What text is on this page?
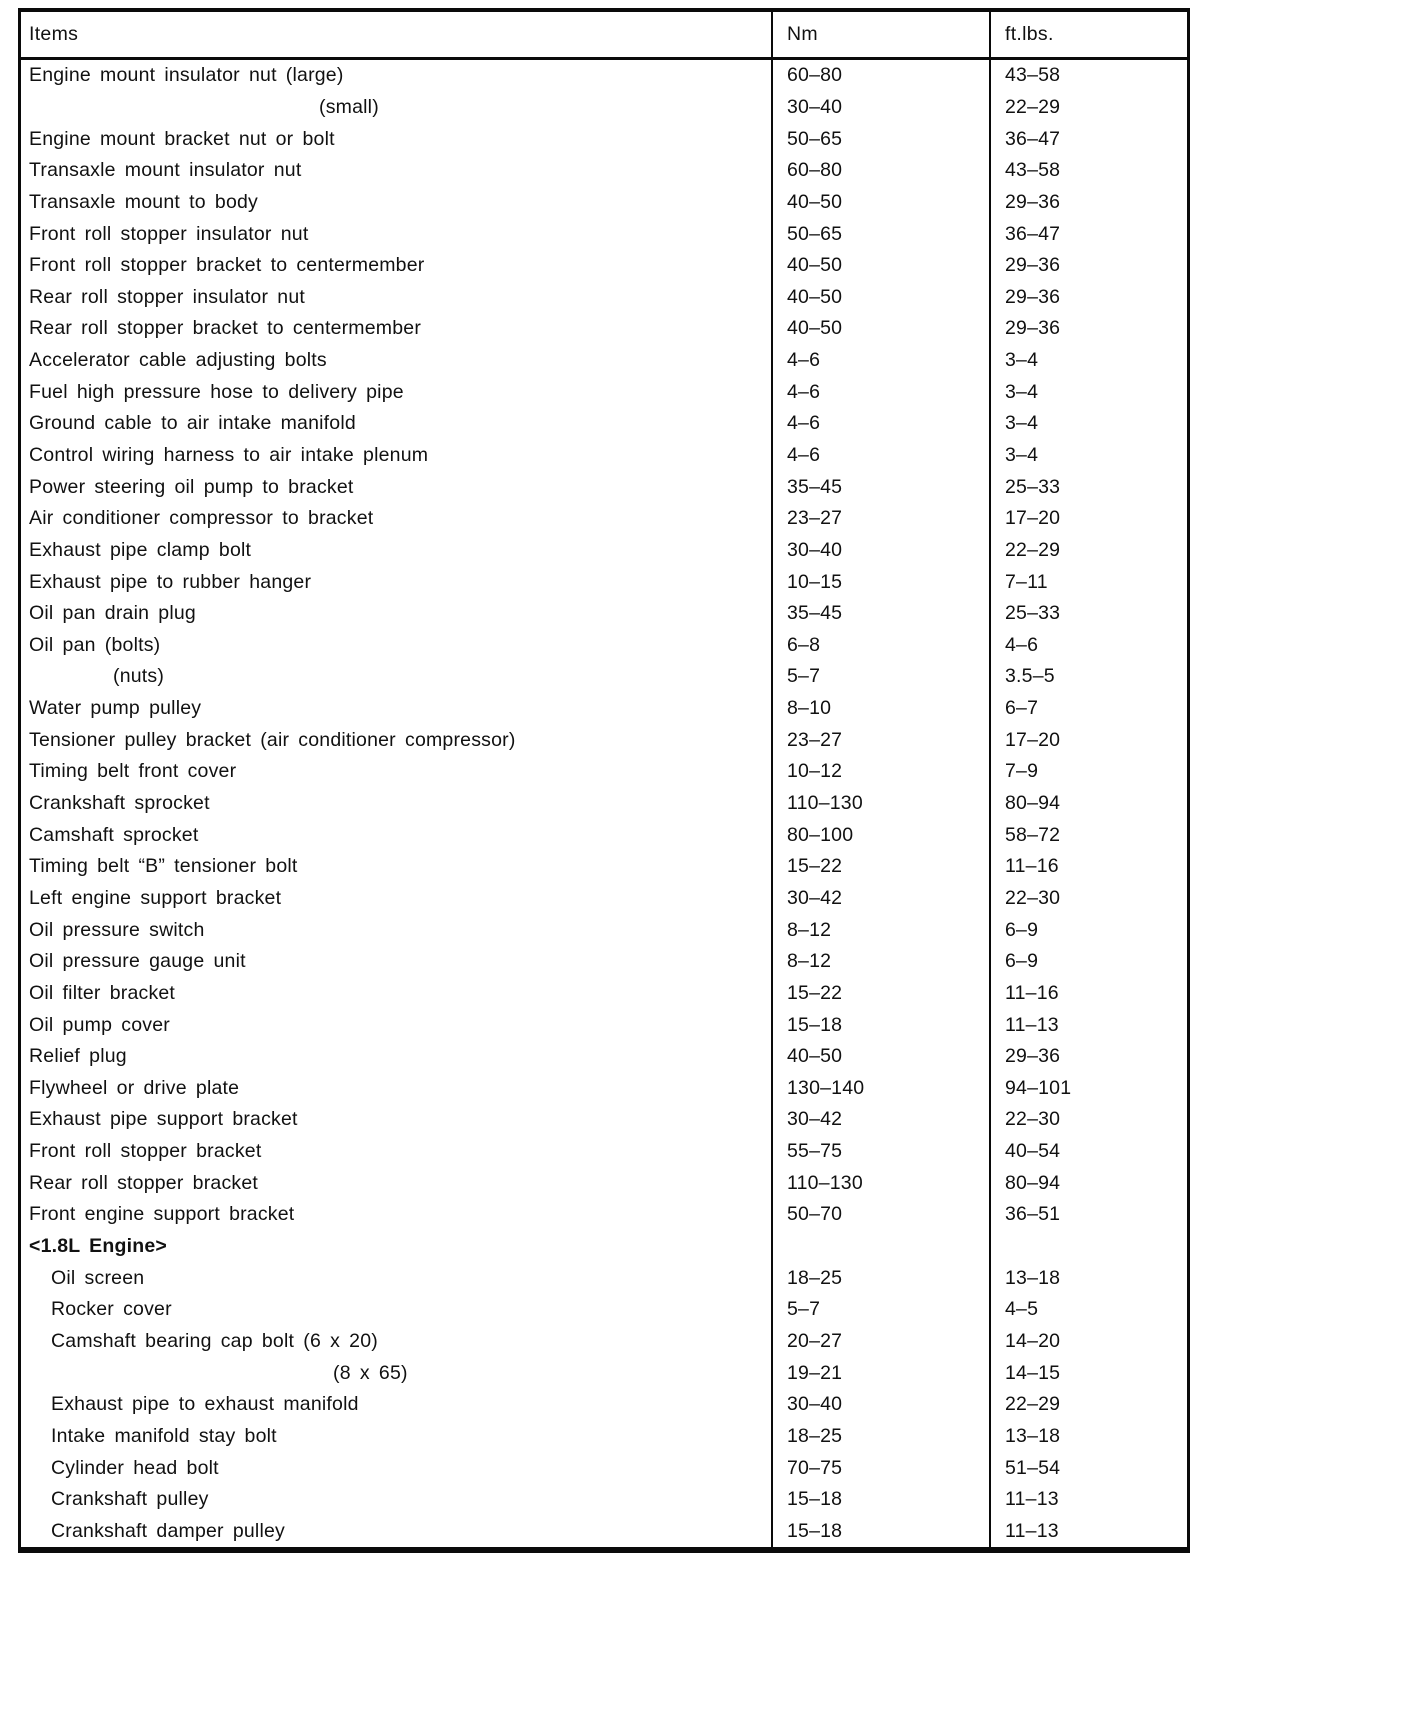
Items	Nm	ft.lbs.
Engine mount insulator nut (large)	60–80	43–58
(small)	30–40	22–29
Engine mount bracket nut or bolt	50–65	36–47
Transaxle mount insulator nut	60–80	43–58
Transaxle mount to body	40–50	29–36
Front roll stopper insulator nut	50–65	36–47
Front roll stopper bracket to centermember	40–50	29–36
Rear roll stopper insulator nut	40–50	29–36
Rear roll stopper bracket to centermember	40–50	29–36
Accelerator cable adjusting bolts	4–6	3–4
Fuel high pressure hose to delivery pipe	4–6	3–4
Ground cable to air intake manifold	4–6	3–4
Control wiring harness to air intake plenum	4–6	3–4
Power steering oil pump to bracket	35–45	25–33
Air conditioner compressor to bracket	23–27	17–20
Exhaust pipe clamp bolt	30–40	22–29
Exhaust pipe to rubber hanger	10–15	7–11
Oil pan drain plug	35–45	25–33
Oil pan (bolts)	6–8	4–6
(nuts)	5–7	3.5–5
Water pump pulley	8–10	6–7
Tensioner pulley bracket (air conditioner compressor)	23–27	17–20
Timing belt front cover	10–12	7–9
Crankshaft sprocket	110–130	80–94
Camshaft sprocket	80–100	58–72
Timing belt “B” tensioner bolt	15–22	11–16
Left engine support bracket	30–42	22–30
Oil pressure switch	8–12	6–9
Oil pressure gauge unit	8–12	6–9
Oil filter bracket	15–22	11–16
Oil pump cover	15–18	11–13
Relief plug	40–50	29–36
Flywheel or drive plate	130–140	94–101
Exhaust pipe support bracket	30–42	22–30
Front roll stopper bracket	55–75	40–54
Rear roll stopper bracket	110–130	80–94
Front engine support bracket	50–70	36–51
<1.8L Engine>
Oil screen	18–25	13–18
Rocker cover	5–7	4–5
Camshaft bearing cap bolt (6 x 20)	20–27	14–20
(8 x 65)	19–21	14–15
Exhaust pipe to exhaust manifold	30–40	22–29
Intake manifold stay bolt	18–25	13–18
Cylinder head bolt	70–75	51–54
Crankshaft pulley	15–18	11–13
Crankshaft damper pulley	15–18	11–13
